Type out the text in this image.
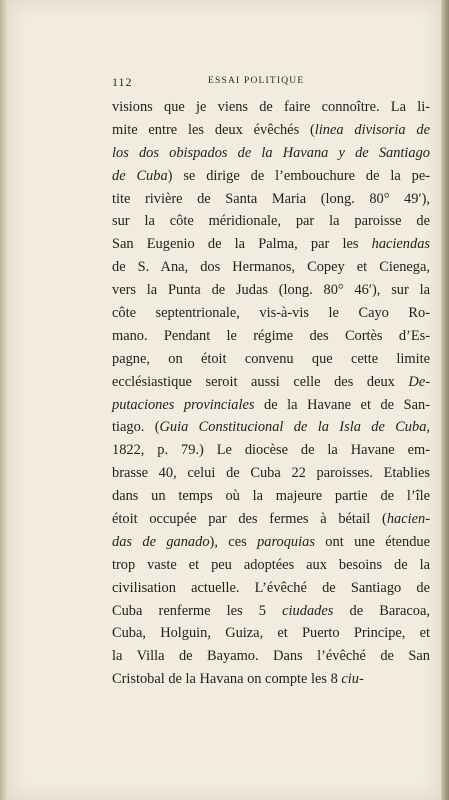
112	ESSAI POLITIQUE
visions que je viens de faire connoître. La li-
mite entre les deux évêchés (linea divisoria de
los dos obispados de la Havana y de Santiago
de Cuba) se dirige de l’embouchure de la pe-
tite rivière de Santa Maria (long. 80° 49′),
sur la côte méridionale, par la paroisse de
San Eugenio de la Palma, par les haciendas
de S. Ana, dos Hermanos, Copey et Cienega,
vers la Punta de Judas (long. 80° 46′), sur la
côte septentrionale, vis-à-vis le Cayo Ro-
mano. Pendant le régime des Cortès d’Es-
pagne, on étoit convenu que cette limite
ecclésiastique seroit aussi celle des deux De-
putaciones provinciales de la Havane et de San-
tiago. (Guia Constitucional de la Isla de Cuba,
1822, p. 79.) Le diocèse de la Havane em-
brasse 40, celui de Cuba 22 paroisses. Etablies
dans un temps où la majeure partie de l’île
étoit occupée par des fermes à bétail (hacien-
das de ganado), ces paroquias ont une étendue
trop vaste et peu adoptées aux besoins de la
civilisation actuelle. L’évêché de Santiago de
Cuba renferme les 5 ciudades de Baracoa,
Cuba, Holguin, Guiza, et Puerto Principe, et
la Villa de Bayamo. Dans l’évêché de San
Cristobal de la Havana on compte les 8 ciu-
